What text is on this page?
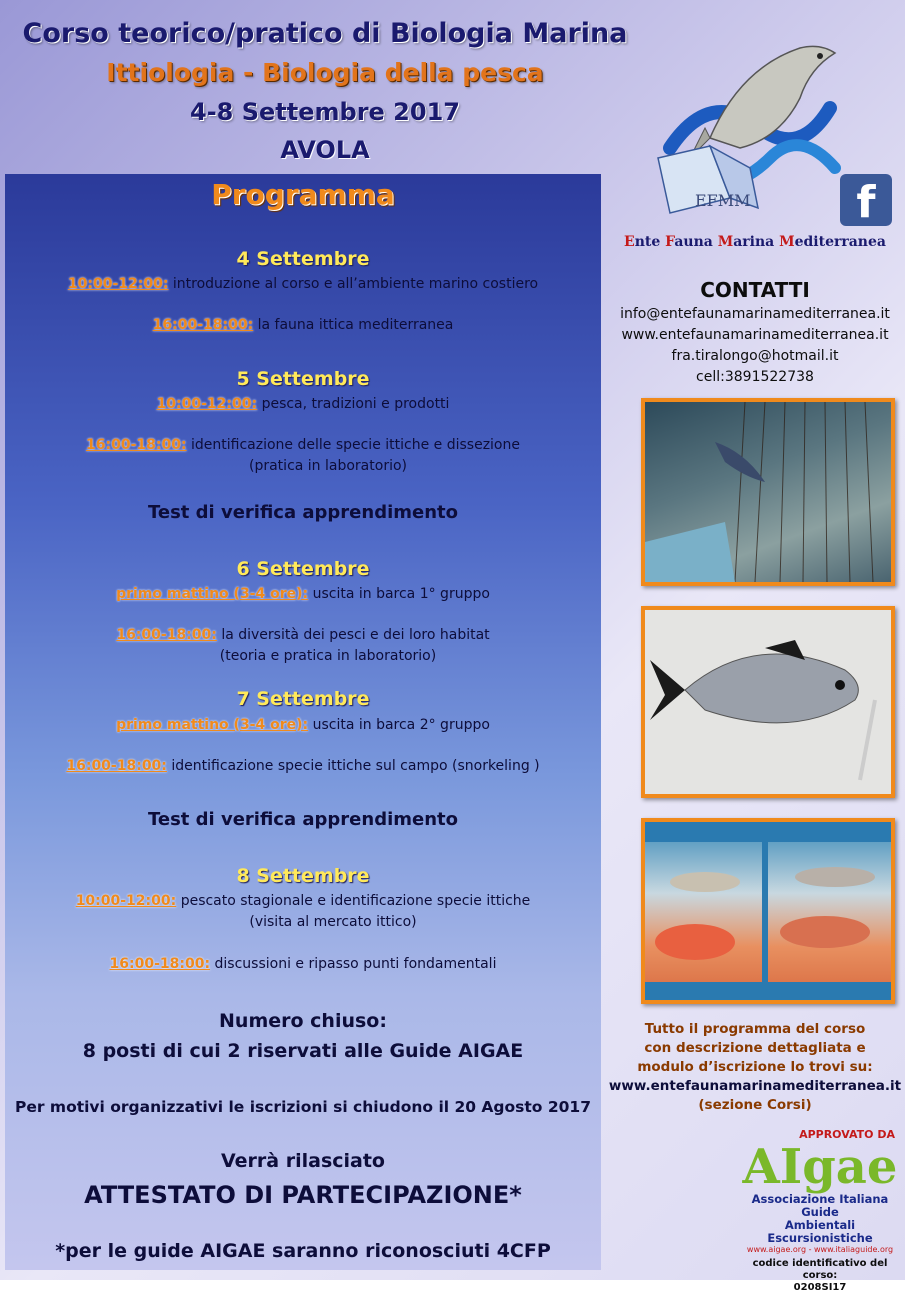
Corso teorico/pratico di Biologia Marina
Ittiologia - Biologia della pesca
4-8 Settembre 2017
AVOLA
Programma
4 Settembre
10:00-12:00: introduzione al corso e all’ambiente marino costiero
16:00-18:00: la fauna ittica mediterranea
5 Settembre
10:00-12:00: pesca, tradizioni e prodotti
16:00-18:00: identificazione delle specie ittiche e dissezione
(pratica in laboratorio)
Test di verifica apprendimento
6 Settembre
primo mattino (3-4 ore): uscita in barca 1° gruppo
16:00-18:00: la diversità dei pesci e dei loro habitat
(teoria e pratica in laboratorio)
7 Settembre
primo mattino (3-4 ore): uscita in barca 2° gruppo
16:00-18:00: identificazione specie ittiche sul campo (snorkeling )
Test di verifica apprendimento
8 Settembre
10:00-12:00: pescato stagionale e identificazione specie ittiche
(visita al mercato ittico)
16:00-18:00: discussioni e ripasso punti fondamentali
Numero chiuso:
8 posti di cui 2 riservati alle Guide AIGAE
Per motivi organizzativi le iscrizioni si chiudono il 20 Agosto 2017
Verrà rilasciato
ATTESTATO DI PARTECIPAZIONE*
*per le guide AIGAE saranno riconosciuti 4CFP
EFMM	f
Ente Fauna Marina Mediterranea
CONTATTI
info@entefaunamarinamediterranea.it
www.entefaunamarinamediterranea.it
fra.tiralongo@hotmail.it
cell:3891522738
Tutto il programma del corso
con descrizione dettagliata e
modulo d’iscrizione lo trovi su:
www.entefaunamarinamediterranea.it
(sezione Corsi)
APPROVATO DA
AIgae
Associazione Italiana Guide
Ambientali Escursionistiche
www.aigae.org - www.italiaguide.org
codice identificativo del corso:
0208SI17
